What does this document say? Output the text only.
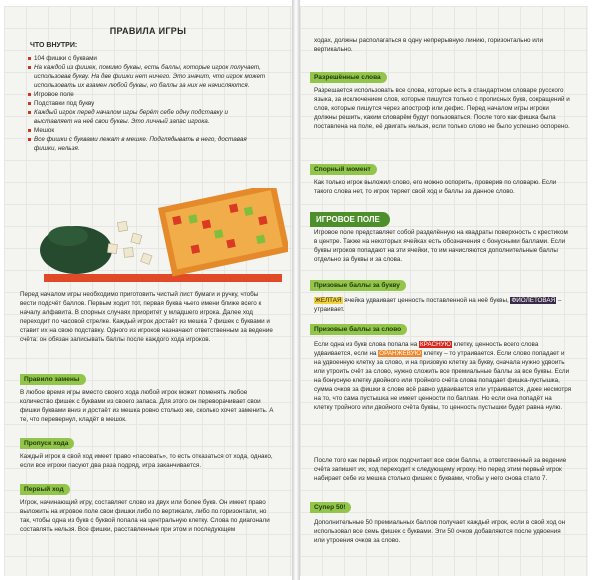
ПРАВИЛА ИГРЫ
ЧТО ВНУТРИ:
104 фишки с буквами
На каждой из фишек, помимо буквы, есть баллы, которые игрок получает, использовав букву. На две фишки нет ничего. Это значит, что игрок может использовать их взамен любой буквы, но баллы за них не начисляются.
Игровое поле
Подставки под букву
Каждый игрок перед началом игры берёт себе одну подставку и выставляет на неё свои буквы. Это личный запас игрока.
Мешок
Все фишки с буквами лежат в мешке. Подглядывать в него, доставая фишки, нельзя.

Перед началом игры необходимо приготовить чистый лист бумаги и ручку, чтобы вести подсчёт баллов. Первым ходит тот, первая буква чьего имени ближе всего к началу алфавита. В спорных случаях приоритет у младшего игрока. Далее ход переходит по часовой стрелке. Каждый игрок достаёт из мешка 7 фишек с буквами и ставит их на свою подставку. Одного из игроков назначают ответственным за ведение счёта: он обязан записывать баллы после каждого хода игроков.

Правило замены

В любое время игры вместо своего хода любой игрок может поменять любое количество фишек с буквами из своего запаса. Для этого он переворачивает свои фишки буквами вниз и достаёт из мешка ровно столько же, сколько хочет заменить. А те, что перевернул, кладёт в мешок.

Пропуск хода

Каждый игрок в свой ход имеет право «пасовать», то есть отказаться от хода, однако, если все игроки пасуют два раза подряд, игра заканчивается.

Первый ход

Игрок, начинающий игру, составляет слово из двух или более букв. Он имеет право выложить на игровое поле свои фишки либо по вертикали, либо по горизонтали, но так, чтобы одна из букв с буквой попала на центральную клетку. Слова по диагонали составлять нельзя. Все фишки, расставленные при этом и последующем

ходах, должны располагаться в одну непрерывную линию, горизонтально или вертикально.

Разрешённые слова

Разрешается использовать все слова, которые есть в стандартном словаре русского языка, за исключением слов, которые пишутся только с прописных букв, сокращений и слов, которые пишутся через апостроф или дефис. Перед началом игры игроки должны решить, каким словарём будут пользоваться. После того как фишка была поставлена на поле, её двигать нельзя, если только слово не было успешно оспорено.

Спорный момент

Как только игрок выложил слово, его можно оспорить, проверив по словарю. Если такого слова нет, то игрок теряет свой ход и баллы за данное слово.

ИГРОВОЕ ПОЛЕ

Игровое поле представляет собой разделённую на квадраты поверхность с крестиком в центре. Также на некоторых ячейках есть обозначения с бонусными баллами. Если буквы игроков попадают на эти ячейки, то им начисляются дополнительные баллы отдельно за буквы и за слова.

Призовые баллы за букву

ЖЕЛТАЯ ячейка удваивает ценность поставленной на неё буквы, ФИОЛЕТОВАЯ – утраивает.

Призовые баллы за слово

Если одна из букв слова попала на КРАСНУЮ клетку, ценность всего слова удваивается, если на ОРАНЖЕВУЮ клетку – то утраивается. Если слово попадает и на удвоенную клетку за слово, и на призовую клетку за букву, сначала нужно удвоить или утроить счёт за слово, нужно сложить все премиальные баллы за все буквы. Если на бонусную клетку двойного или тройного счёта слова попадает фишка-пустышка, сумма очков за фишки в слове всё равно удваивается или утраивается, даже несмотря на то, что сама пустышка не имеет ценности по баллам. Но если она попадёт на клетку тройного или двойного счёта буквы, то ценность пустышки будет равна нулю.

После того как первый игрок подсчитает все свои баллы, а ответственный за ведение счёта запишет их, ход переходит к следующему игроку. Но перед этим первый игрок набирает себе из мешка столько фишек с буквами, чтобы у него снова стало 7.

Супер 50!

Дополнительные 50 премиальных баллов получает каждый игрок, если в свой ход он использовал все семь фишек с буквами. Эти 50 очков добавляются после удвоения или утроения очков за слово.
